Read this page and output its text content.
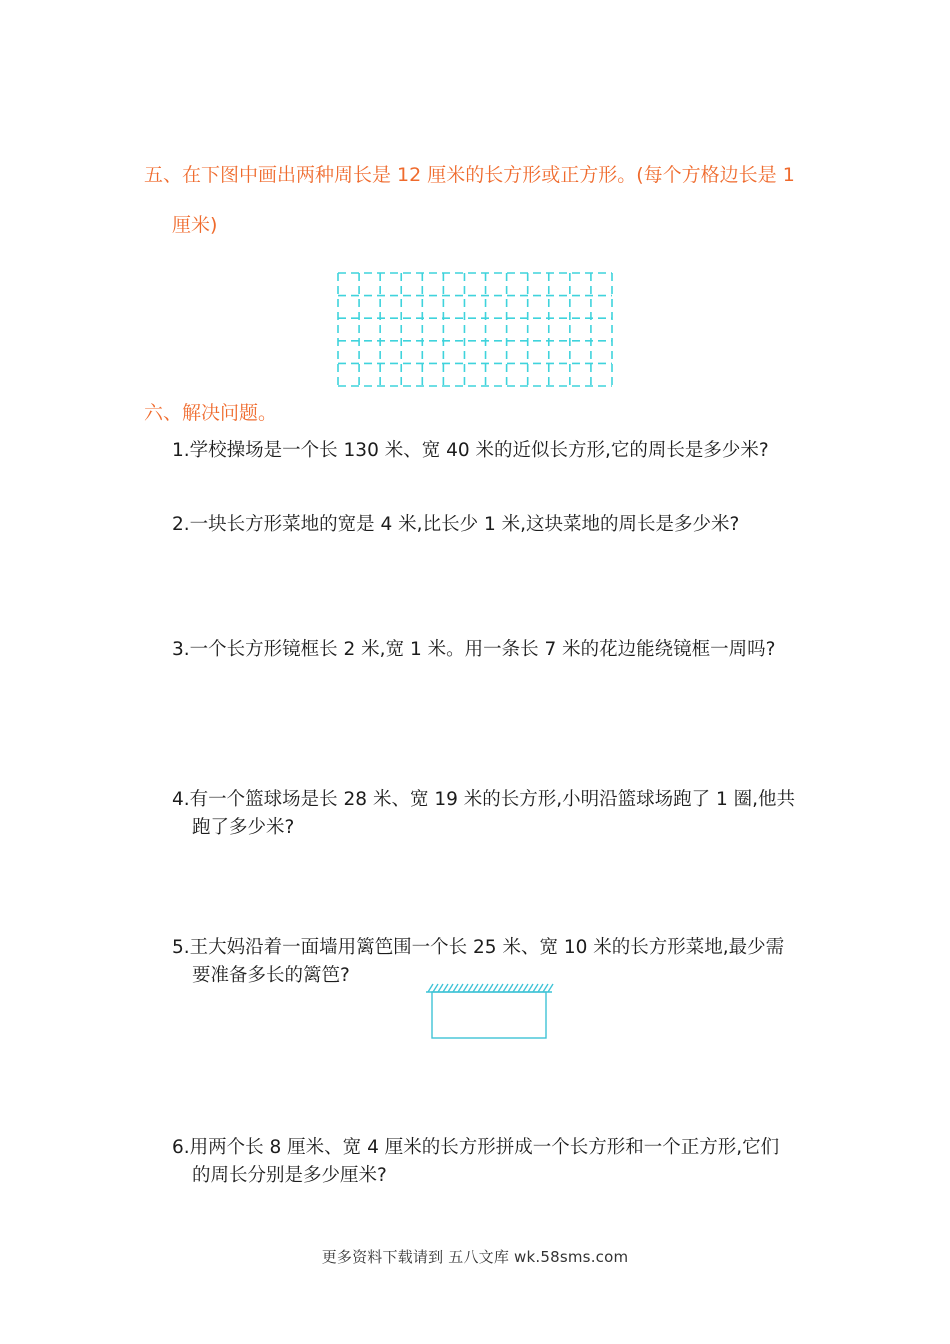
五、在下图中画出两种周长是 12 厘米的长方形或正方形。(每个方格边长是 1
厘米)
六、解决问题。
1.学校操场是一个长 130 米、宽 40 米的近似长方形,它的周长是多少米?
2.一块长方形菜地的宽是 4 米,比长少 1 米,这块菜地的周长是多少米?
3.一个长方形镜框长 2 米,宽 1 米。用一条长 7 米的花边能绕镜框一周吗?
4.有一个篮球场是长 28 米、宽 19 米的长方形,小明沿篮球场跑了 1 圈,他共
跑了多少米?
5.王大妈沿着一面墙用篱笆围一个长 25 米、宽 10 米的长方形菜地,最少需
要准备多长的篱笆?
6.用两个长 8 厘米、宽 4 厘米的长方形拼成一个长方形和一个正方形,它们
的周长分别是多少厘米?
更多资料下载请到 五八文库 wk.58sms.com
